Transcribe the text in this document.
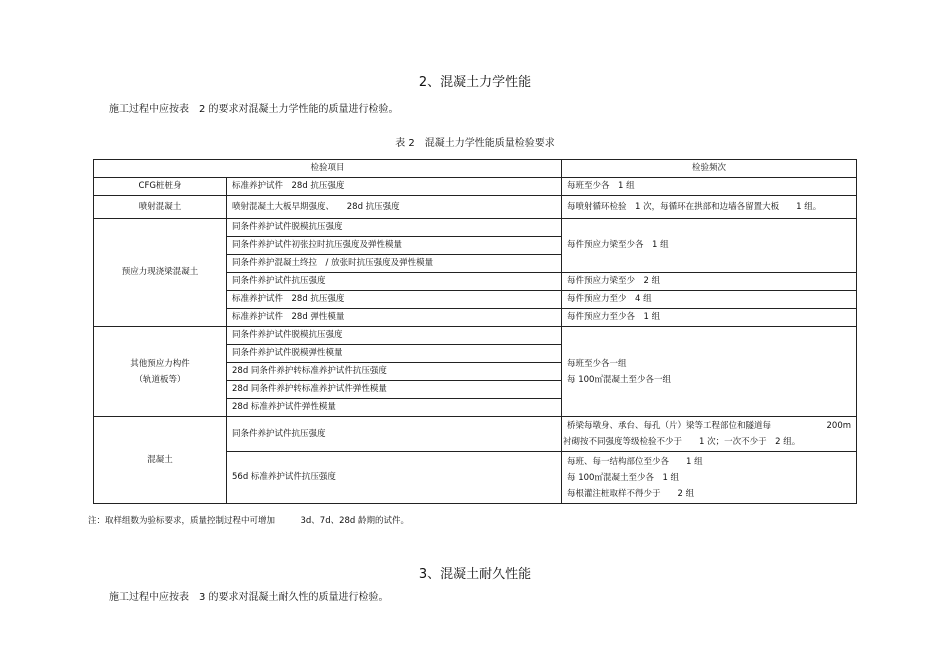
2、混凝土力学性能
施工过程中应按表　2 的要求对混凝土力学性能的质量进行检验。
表 2　混凝土力学性能质量检验要求
检验项目		检验频次
CFG桩桩身	标准养护试件　28d 抗压强度	每班至少各　1 组
喷射混凝土	喷射混凝土大板早期强度、　　28d 抗压强度	每喷射循环检验　1 次，每循环在拱部和边墙各留置大板　　1 组。
预应力现浇梁混凝土	同条件养护试件脱模抗压强度	每件预应力梁至少各　1 组
	同条件养护试件初张拉时抗压强度及弹性模量	
	同条件养护混凝土终拉　/ 放张时抗压强度及弹性模量	
	同条件养护试件抗压强度	每件预应力梁至少　2 组
	标准养护试件　28d 抗压强度	每件预应力至少　4 组
	标准养护试件　28d 弹性模量	每件预应力至少各　1 组

其他预应力构件
（轨道板等）	同条件养护试件脱模抗压强度	每班至少各一组
每 100㎡混凝土至少各一组

	同条件养护试件脱模弹性模量	
	28d 同条件养护转标准养护试件抗压强度	
	28d 同条件养护转标准养护试件弹性模量	
	28d 标准养护试件弹性模量	
混凝土	同条件养护试件抗压强度	桥梁每墩身、承台、每孔（片）梁等工程部位和隧道每 200m
衬砌按不同强度等级检验不少于　　1 次；一次不少于　2 组。

	56d 标准养护试件抗压强度	每班、每一结构部位至少各　　1 组
每 100㎡混凝土至少各　1 组
每根灌注桩取样不得少于　　2 组
注：取样组数为验标要求，质量控制过程中可增加　　　3d、7d、28d 龄期的试件。
3、混凝土耐久性能
施工过程中应按表　3 的要求对混凝土耐久性的质量进行检验。
